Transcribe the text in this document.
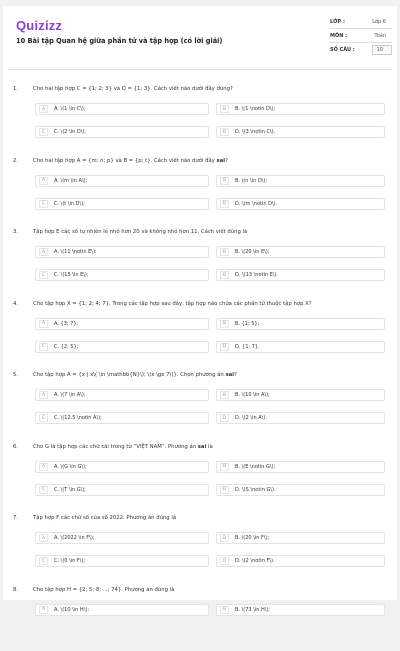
Quizizz
10 Bài tập Quan hệ giữa phần tử và tập hợp (có lời giải)
LỚP :	Lớp 6
MÔN :	Toán
SỐ CÂU :	10
1.	Cho hai tập hợp C = {1; 2; 3} và D = {1; 3}. Cách viết nào dưới đây đúng?
A	A. \(1 \in C\);	B	B. \(1 \notin D\);
C	C. \(2 \in D\);	D	D. \(3 \notin C\).
2.	Cho hai tập hợp A = {m; n; p} và B = {p; t}. Cách viết nào dưới đây sai?
A	A. \(m \in A\);	B	B. \(n \in D\);
C	C. \(t \in D\);	D	D. \(m \notin D\).
3.	Tập hợp E các số tự nhiên lẻ nhỏ hơn 20 và không nhỏ hơn 11. Cách viết đúng là
A	A. \(11 \notin E\);	B	B. \(20 \in E\);
C	C. \(15 \in E\);	D	D. \(13 \notin E\).
4.	Cho tập hợp X = {1; 2; 4; 7}. Trong các tập hợp sau đây, tập hợp nào chứa các phần tử thuộc tập hợp X?
A	A. {3; 7};	B	B. {1; 5};
C	C. {2; 5};	D	D. {1; 7}.
5.	Cho tập hợp A = {x | x\( \in \mathbb{N}\); \(x \ge 7\)}. Chọn phương án sai?
A	A. \(7 \in A\);	B	B. \(10 \in A\);
C	C. \(12,5 \notin A\);	D	D. \(2 \in A\).
6.	Cho G là tập hợp các chữ cái trong từ “VIỆT NAM”. Phương án sai là
A	A. \(G \in G\);	B	B. \(E \notin G\);
C	C. \(T \in G\);	D	D. \(S \notin G\).
7.	Tập hợp F các chữ số của số 2022. Phương án đúng là
A	A. \(2022 \in F\);	B	B. \(20 \in F\);
C	C. \(0 \in F\);	D	D. \(2 \notin F\).
8.	Cho tập hợp H = {2; 5; 8; ...; 74}. Phương án đúng là
A	A. \(10 \in H\);	B	B. \(73 \in H\);
